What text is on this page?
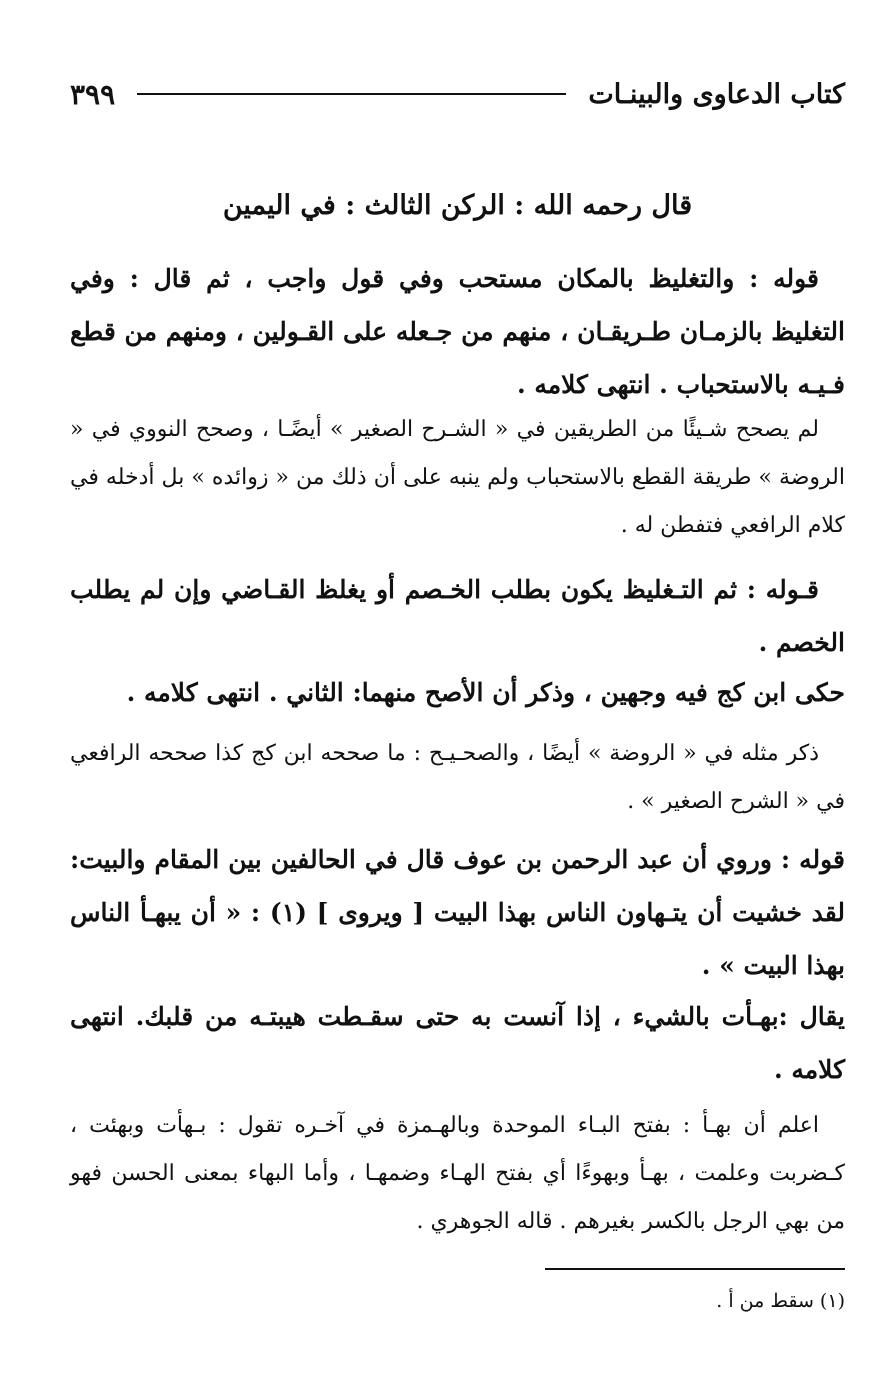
كتاب الدعاوى والبينـات
٣٩٩
قال رحمه الله : الركن الثالث : في اليمين

قوله : والتغليظ بالمكان مستحب وفي قول واجب ، ثم قال : وفي التغليظ بالزمـان طـريقـان ، منهم من جـعله على القـولين ، ومنهم من قطع فـيـه بالاستحباب . انتهى كلامه .

لم يصحح شـيئًا من الطريقين في « الشـرح الصغير » أيضًـا ، وصحح النووي في « الروضة » طريقة القطع بالاستحباب ولم ينبه على أن ذلك من « زوائده » بل أدخله في كلام الرافعي فتفطن له .

قـوله : ثم التـغليظ يكون بطلب الخـصم أو يغلظ القـاضي وإن لم يطلب الخصم .

حكى ابن كج فيه وجهين ، وذكر أن الأصح منهما: الثاني . انتهى كلامه .

ذكر مثله في « الروضة » أيضًا ، والصحـيـح : ما صححه ابن كج كذا صححه الرافعي في « الشرح الصغير » .

قوله : وروي أن عبد الرحمن بن عوف قال في الحالفين بين المقام والبيت: لقد خشيت أن يتـهاون الناس بهذا البيت [ ويروى ] (١) : « أن يبهـأ الناس بهذا البيت » .

يقال :بهـأت بالشيء ، إذا آنست به حتى سقـطت هيبتـه من قلبك. انتهى كلامه .

اعلم أن بهـأ : بفتح البـاء الموحدة وبالهـمزة في آخـره تقول : بـهأت وبهئت ، كـضربت وعلمت ، بهـأ وبهوءًا أي بفتح الهـاء وضمهـا ، وأما البهاء بمعنى الحسن فهو من بهي الرجل بالكسر بغيرهم . قاله الجوهري .

(١) سقط من أ .
